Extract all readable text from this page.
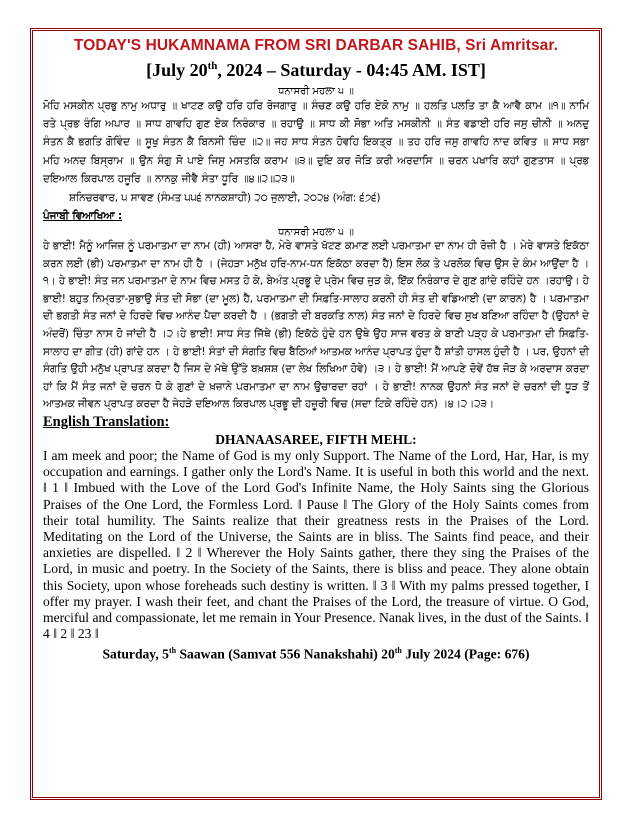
TODAY'S HUKAMNAMA FROM SRI DARBAR SAHIB, Sri Amritsar.
[July 20th, 2024 – Saturday - 04:45 AM. IST]
ਧਨਾਸਰੀ ਮਹਲਾ ੫ ॥
ਮੋਹਿ ਮਸਕੀਨ ਪ੍ਰਭੁ ਨਾਮੁ ਅਧਾਰੁ ॥ ਖਾਟਣ ਕਉ ਹਰਿ ਹਰਿ ਰੋਜਗਾਰੁ ॥ ਸੰਚਣ ਕਉ ਹਰਿ ਏਕੋ ਨਾਮੁ ॥ ਹਲਤਿ ਪਲਤਿ ਤਾ ਕੈ ਆਵੈ ਕਾਮ ॥੧॥ ਨਾਮਿ ਰਤੇ ਪ੍ਰਭ ਰੰਗਿ ਅਪਾਰ ॥ ਸਾਧ ਗਾਵਹਿ ਗੁਣ ਏਕ ਨਿਰੰਕਾਰ ॥ ਰਹਾਉ ॥ ਸਾਧ ਕੀ ਸੋਭਾ ਅਤਿ ਮਸਕੀਨੀ ॥ ਸੰਤ ਵਡਾਈ ਹਰਿ ਜਸੁ ਚੀਨੀ ॥ ਅਨਦੁ ਸੰਤਨ ਕੈ ਭਗਤਿ ਗੋਵਿੰਦ ॥ ਸੂਖੁ ਸੰਤਨ ਕੈ ਬਿਨਸੀ ਚਿੰਦ ॥੨॥ ਜਹ ਸਾਧ ਸੰਤਨ ਹੋਵਹਿ ਇਕਤ੍ਰ ॥ ਤਹ ਹਰਿ ਜਸੁ ਗਾਵਹਿ ਨਾਦ ਕਵਿਤ ॥ ਸਾਧ ਸਭਾ ਮਹਿ ਅਨਦ ਬਿਸ੍ਰਾਮ ॥ ਉਨ ਸੰਗੁ ਸੋ ਪਾਏ ਜਿਸੁ ਮਸਤਕਿ ਕਰਾਮ ॥੩॥ ਦੁਇ ਕਰ ਜੋੜਿ ਕਰੀ ਅਰਦਾਸਿ ॥ ਚਰਨ ਪਖਾਰਿ ਕਹਾਂ ਗੁਣਤਾਸ ॥ ਪ੍ਰਭ ਦਇਆਲ ਕਿਰਪਾਲ ਹਜੂਰਿ ॥ ਨਾਨਕੁ ਜੀਵੈ ਸੰਤਾ ਧੂਰਿ ॥੪॥੨॥੨੩॥
ਸ਼ਨਿਚਰਵਾਰ, ੫ ਸਾਵਣ (ਸੰਮਤ ੫੫੬ ਨਾਨਕਸ਼ਾਹੀ) ੨੦ ਜੁਲਾਈ, ੨੦੨੪ (ਅੰਗ: ੬੭੬)
ਪੰਜਾਬੀ ਵਿਆਖਿਆ :
ਧਨਾਸਰੀ ਮਹਲਾ ੫ ॥
ਹੇ ਭਾਈ! ਮੈਨੂੰ ਆਜਿਜ਼ ਨੂੰ ਪਰਮਾਤਮਾ ਦਾ ਨਾਮ (ਹੀ) ਆਸਰਾ ਹੈ, ਮੇਰੇ ਵਾਸਤੇ ਖੱਟਣ ਕਮਾਣ ਲਈ ਪਰਮਾਤਮਾ ਦਾ ਨਾਮ ਹੀ ਰੋਜ਼ੀ ਹੈ । ਮੇਰੇ ਵਾਸਤੇ ਇਕੱਠਾ ਕਰਨ ਲਈ (ਭੀ) ਪਰਮਾਤਮਾ ਦਾ ਨਾਮ ਹੀ ਹੈ । (ਜੇਹੜਾ ਮਨੁੱਖ ਹਰਿ-ਨਾਮ-ਧਨ ਇਕੱਠਾ ਕਰਦਾ ਹੈ) ਇਸ ਲੋਕ ਤੇ ਪਰਲੋਕ ਵਿਚ ਉਸ ਦੇ ਕੰਮ ਆਉਂਦਾ ਹੈ ।੧। ਹੇ ਭਾਈ! ਸੰਤ ਜਨ ਪਰਮਾਤਮਾ ਦੇ ਨਾਮ ਵਿਚ ਮਸਤ ਹੋ ਕੇ, ਬੇਅੰਤ ਪ੍ਰਭੂ ਦੇ ਪ੍ਰੇਮ ਵਿਚ ਜੁੜ ਕੇ, ਇੱਕ ਨਿਰੰਕਾਰ ਦੇ ਗੁਣ ਗਾਂਦੇ ਰਹਿੰਦੇ ਹਨ ।ਰਹਾਉ। ਹੇ ਭਾਈ! ਬਹੁਤ ਨਿਮ੍ਰਤਾ-ਸੁਭਾਉ ਸੰਤ ਦੀ ਸੋਭਾ (ਦਾ ਮੂਲ) ਹੈ, ਪਰਮਾਤਮਾ ਦੀ ਸਿਫ਼ਤਿ-ਸਾਲਾਹ ਕਰਨੀ ਹੀ ਸੰਤ ਦੀ ਵਡਿਆਈ (ਦਾ ਕਾਰਨ) ਹੈ । ਪਰਮਾਤਮਾ ਦੀ ਭਗਤੀ ਸੰਤ ਜਨਾਂ ਦੇ ਹਿਰਦੇ ਵਿਚ ਆਨੰਦ ਪੈਦਾ ਕਰਦੀ ਹੈ । (ਭਗਤੀ ਦੀ ਬਰਕਤਿ ਨਾਲ) ਸੰਤ ਜਨਾਂ ਦੇ ਹਿਰਦੇ ਵਿਚ ਸੁਖ ਬਣਿਆ ਰਹਿੰਦਾ ਹੈ (ਉਹਨਾਂ ਦੇ ਅੰਦਰੋਂ) ਚਿੰਤਾ ਨਾਸ ਹੋ ਜਾਂਦੀ ਹੈ ।੨।ਹੇ ਭਾਈ! ਸਾਧ ਸੰਤ ਜਿੱਥੇ (ਭੀ) ਇਕੱਠੇ ਹੁੰਦੇ ਹਨ ਉਥੇ ਉਹ ਸਾਜ ਵਰਤ ਕੇ ਬਾਣੀ ਪੜ੍ਹ ਕੇ ਪਰਮਾਤਮਾ ਦੀ ਸਿਫ਼ਤਿ-ਸਾਲਾਹ ਦਾ ਗੀਤ (ਹੀ) ਗਾਂਦੇ ਹਨ । ਹੇ ਭਾਈ! ਸੰਤਾਂ ਦੀ ਸੰਗਤਿ ਵਿਚ ਬੈਠਿਆਂ ਆਤਮਕ ਆਨੰਦ ਪ੍ਰਾਪਤ ਹੁੰਦਾ ਹੈ ਸ਼ਾਂਤੀ ਹਾਸਲ ਹੁੰਦੀ ਹੈ । ਪਰ, ਉਹਨਾਂ ਦੀ ਸੰਗਤਿ ਉਹੀ ਮਨੁੱਖ ਪ੍ਰਾਪਤ ਕਰਦਾ ਹੈ ਜਿਸ ਦੇ ਮੱਥੇ ਉੱਤੇ ਬਖ਼ਸ਼ਸ਼ (ਦਾ ਲੇਖ ਲਿਖਿਆ ਹੋਵੇ) ।੩। ਹੇ ਭਾਈ! ਮੈਂ ਆਪਣੇ ਦੋਵੇਂ ਹੱਥ ਜੋੜ ਕੇ ਅਰਦਾਸ ਕਰਦਾ ਹਾਂ ਕਿ ਮੈਂ ਸੰਤ ਜਨਾਂ ਦੇ ਚਰਨ ਧੋ ਕੇ ਗੁਣਾਂ ਦੇ ਖ਼ਜ਼ਾਨੇ ਪਰਮਾਤਮਾ ਦਾ ਨਾਮ ਉਚਾਰਦਾ ਰਹਾਂ । ਹੇ ਭਾਈ! ਨਾਨਕ ਉਹਨਾਂ ਸੰਤ ਜਨਾਂ ਦੇ ਚਰਨਾਂ ਦੀ ਧੂੜ ਤੋਂ ਆਤਮਕ ਜੀਵਨ ਪ੍ਰਾਪਤ ਕਰਦਾ ਹੈ ਜੇਹੜੇ ਦਇਆਲ ਕਿਰਪਾਲ ਪ੍ਰਭੂ ਦੀ ਹਜ਼ੂਰੀ ਵਿਚ (ਸਦਾ ਟਿਕੇ ਰਹਿੰਦੇ ਹਨ) ।੪।੨।੨੩।
English Translation:
DHANAASAREE, FIFTH MEHL:
I am meek and poor; the Name of God is my only Support. The Name of the Lord, Har, Har, is my occupation and earnings. I gather only the Lord's Name. It is useful in both this world and the next. ‖ 1 ‖ Imbued with the Love of the Lord God's Infinite Name, the Holy Saints sing the Glorious Praises of the One Lord, the Formless Lord. ‖ Pause ‖ The Glory of the Holy Saints comes from their total humility. The Saints realize that their greatness rests in the Praises of the Lord. Meditating on the Lord of the Universe, the Saints are in bliss. The Saints find peace, and their anxieties are dispelled. ‖ 2 ‖ Wherever the Holy Saints gather, there they sing the Praises of the Lord, in music and poetry. In the Society of the Saints, there is bliss and peace. They alone obtain this Society, upon whose foreheads such destiny is written. ‖ 3 ‖ With my palms pressed together, I offer my prayer. I wash their feet, and chant the Praises of the Lord, the treasure of virtue. O God, merciful and compassionate, let me remain in Your Presence. Nanak lives, in the dust of the Saints. ‖ 4 ‖ 2 ‖ 23 ‖
Saturday, 5th Saawan (Samvat 556 Nanakshahi) 20th July 2024 (Page: 676)
